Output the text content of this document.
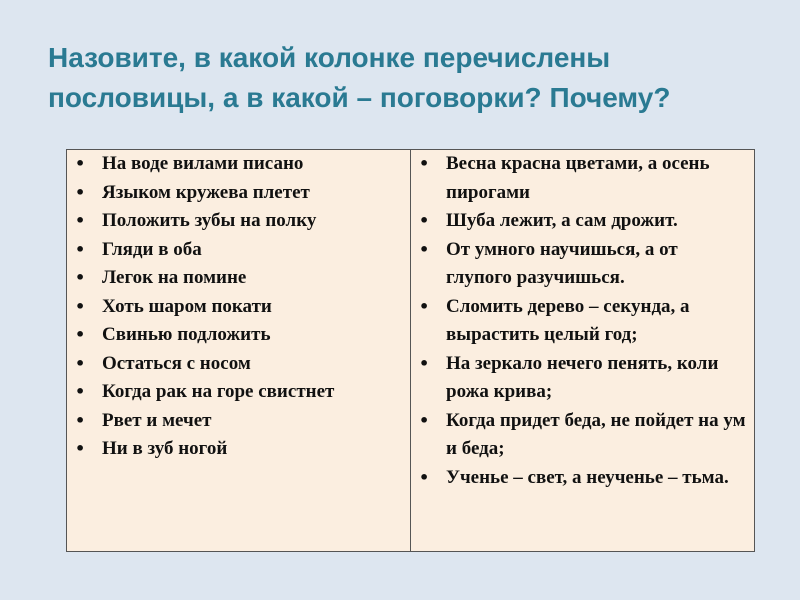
Назовите, в какой колонке перечислены пословицы, а в какой – поговорки? Почему?
• На воде вилами писано
• Языком кружева плетет
• Положить зубы на полку
• Гляди в оба
• Легок на помине
• Хоть шаром покати
• Свинью подложить
• Остаться с носом
• Когда рак на горе свистнет
• Рвет и мечет
• Ни в зуб ногой

• Весна красна цветами, а осень пирогами
• Шуба лежит, а сам дрожит.
• От умного научишься, а от глупого разучишься.
• Сломить дерево – секунда, а вырастить целый год;
• На зеркало нечего пенять, коли рожа крива;
• Когда придет беда, не пойдет на ум и беда;
• Ученье – свет, а неученье – тьма.
